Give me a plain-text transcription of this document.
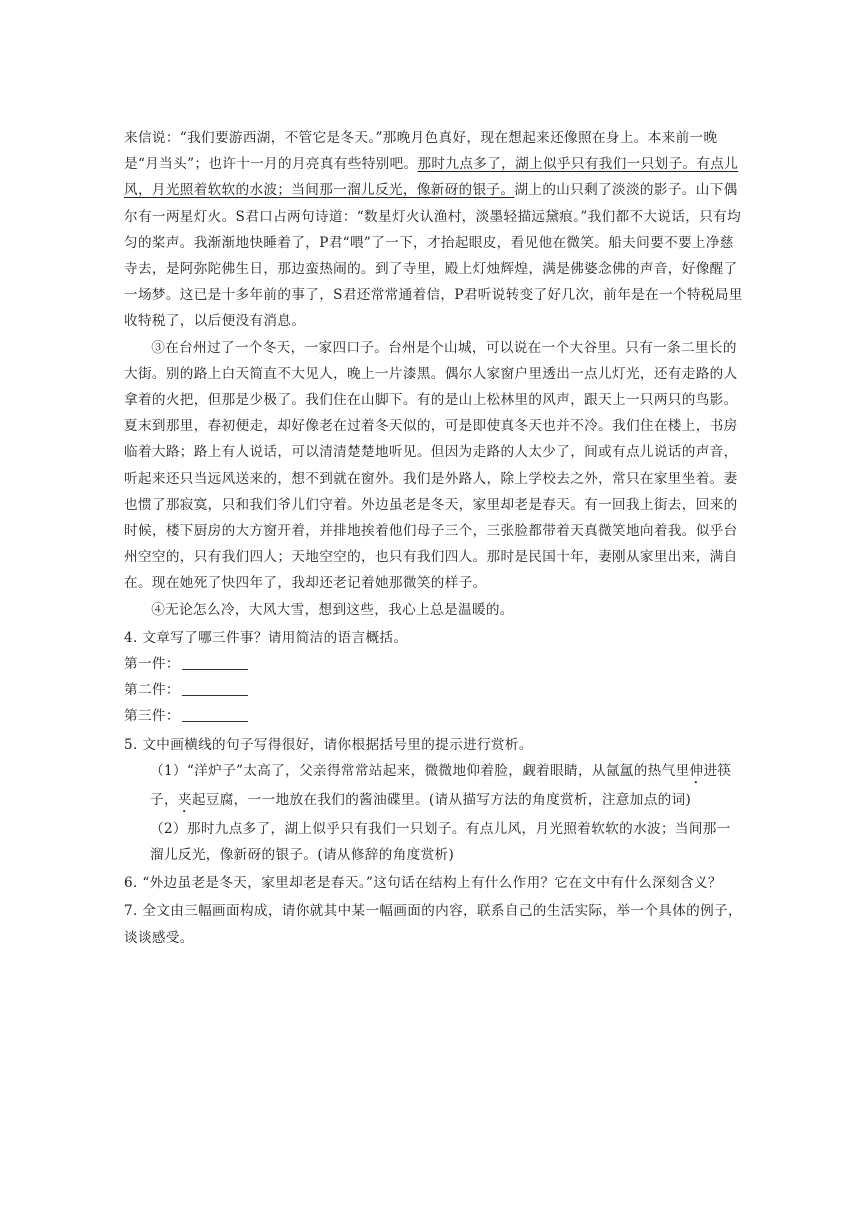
来信说：“我们要游西湖，不管它是冬天。”那晚月色真好，现在想起来还像照在身上。本来前一晚是“月当头”；也许十一月的月亮真有些特别吧。那时九点多了，湖上似乎只有我们一只划子。有点儿风，月光照着软软的水波；当间那一溜儿反光，像新砑的银子。湖上的山只剩了淡淡的影子。山下偶尔有一两星灯火。S君口占两句诗道：“数星灯火认渔村，淡墨轻描远黛痕。”我们都不大说话，只有均匀的桨声。我渐渐地快睡着了，P君“喂”了一下，才抬起眼皮，看见他在微笑。船夫问要不要上净慈寺去，是阿弥陀佛生日，那边蛮热闹的。到了寺里，殿上灯烛辉煌，满是佛婆念佛的声音，好像醒了一场梦。这已是十多年前的事了，S君还常常通着信，P君听说转变了好几次，前年是在一个特税局里收特税了，以后便没有消息。

③在台州过了一个冬天，一家四口子。台州是个山城，可以说在一个大谷里。只有一条二里长的大街。别的路上白天简直不大见人，晚上一片漆黑。偶尔人家窗户里透出一点儿灯光，还有走路的人拿着的火把，但那是少极了。我们住在山脚下。有的是山上松林里的风声，跟天上一只两只的鸟影。夏末到那里，春初便走，却好像老在过着冬天似的，可是即使真冬天也并不冷。我们住在楼上，书房临着大路；路上有人说话，可以清清楚楚地听见。但因为走路的人太少了，间或有点儿说话的声音，听起来还只当远风送来的，想不到就在窗外。我们是外路人，除上学校去之外，常只在家里坐着。妻也惯了那寂寞，只和我们爷儿们守着。外边虽老是冬天，家里却老是春天。有一回我上街去，回来的时候，楼下厨房的大方窗开着，并排地挨着他们母子三个，三张脸都带着天真微笑地向着我。似乎台州空空的，只有我们四人；天地空空的，也只有我们四人。那时是民国十年，妻刚从家里出来，满自在。现在她死了快四年了，我却还老记着她那微笑的样子。

④无论怎么冷，大风大雪，想到这些，我心上总是温暖的。

4. 文章写了哪三件事？请用简洁的语言概括。

第一件：

第二件：

第三件：

5. 文中画横线的句子写得很好，请你根据括号里的提示进行赏析。

（1）“洋炉子”太高了，父亲得常常站起来，微微地仰着脸，觑着眼睛，从氤氲的热气里伸进筷子，夹起豆腐，一一地放在我们的酱油碟里。(请从描写方法的角度赏析，注意加点的词)

（2）那时九点多了，湖上似乎只有我们一只划子。有点儿风，月光照着软软的水波；当间那一溜儿反光，像新砑的银子。(请从修辞的角度赏析)

6. “外边虽老是冬天，家里却老是春天。”这句话在结构上有什么作用？它在文中有什么深刻含义？

7. 全文由三幅画面构成，请你就其中某一幅画面的内容，联系自己的生活实际，举一个具体的例子，谈谈感受。
